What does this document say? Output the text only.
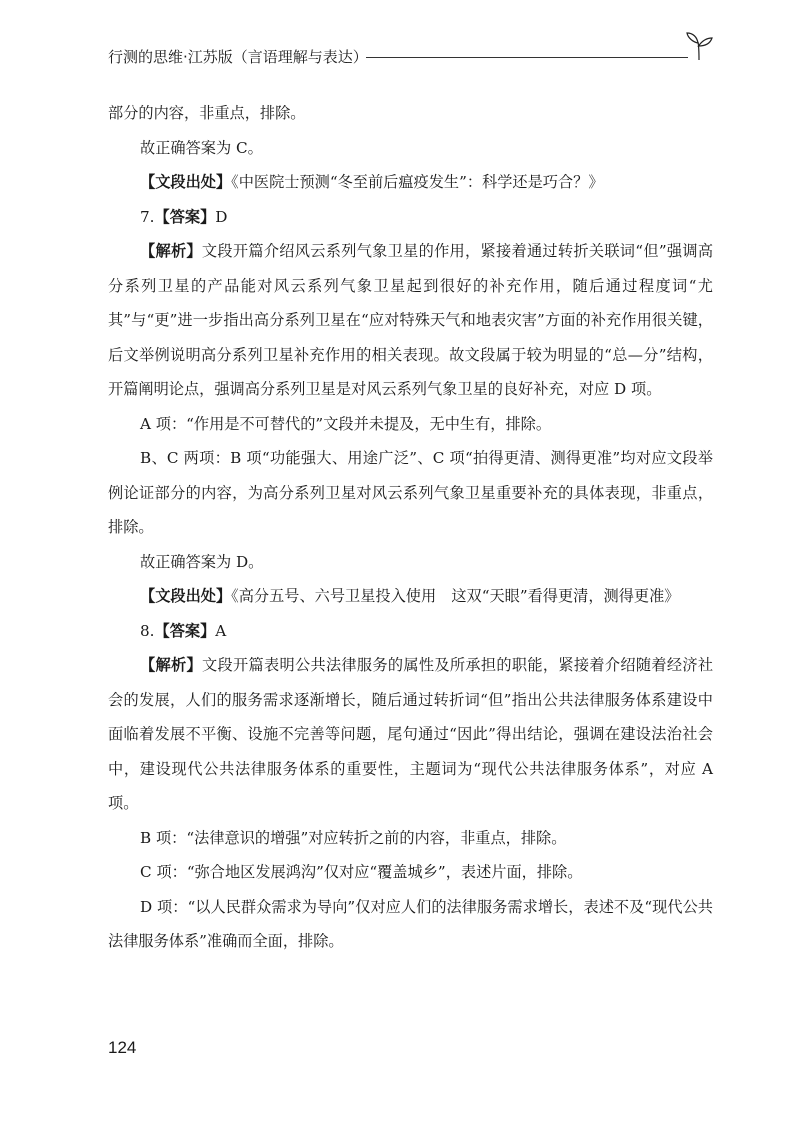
行测的思维·江苏版（言语理解与表达）

部分的内容，非重点，排除。

故正确答案为 C。

【文段出处】《中医院士预测“冬至前后瘟疫发生”：科学还是巧合？》

7.【答案】D

【解析】文段开篇介绍风云系列气象卫星的作用，紧接着通过转折关联词“但”强调高分系列卫星的产品能对风云系列气象卫星起到很好的补充作用，随后通过程度词“尤其”与“更”进一步指出高分系列卫星在“应对特殊天气和地表灾害”方面的补充作用很关键，后文举例说明高分系列卫星补充作用的相关表现。故文段属于较为明显的“总—分”结构，开篇阐明论点，强调高分系列卫星是对风云系列气象卫星的良好补充，对应 D 项。

A 项：“作用是不可替代的”文段并未提及，无中生有，排除。

B、C 两项：B 项“功能强大、用途广泛”、C 项“拍得更清、测得更准”均对应文段举例论证部分的内容，为高分系列卫星对风云系列气象卫星重要补充的具体表现，非重点，排除。

故正确答案为 D。

【文段出处】《高分五号、六号卫星投入使用　这双“天眼”看得更清，测得更准》

8.【答案】A

【解析】文段开篇表明公共法律服务的属性及所承担的职能，紧接着介绍随着经济社会的发展，人们的服务需求逐渐增长，随后通过转折词“但”指出公共法律服务体系建设中面临着发展不平衡、设施不完善等问题，尾句通过“因此”得出结论，强调在建设法治社会中，建设现代公共法律服务体系的重要性，主题词为“现代公共法律服务体系”，对应 A 项。

B 项：“法律意识的增强”对应转折之前的内容，非重点，排除。

C 项：“弥合地区发展鸿沟”仅对应“覆盖城乡”，表述片面，排除。

D 项：“以人民群众需求为导向”仅对应人们的法律服务需求增长，表述不及“现代公共法律服务体系”准确而全面，排除。

124
